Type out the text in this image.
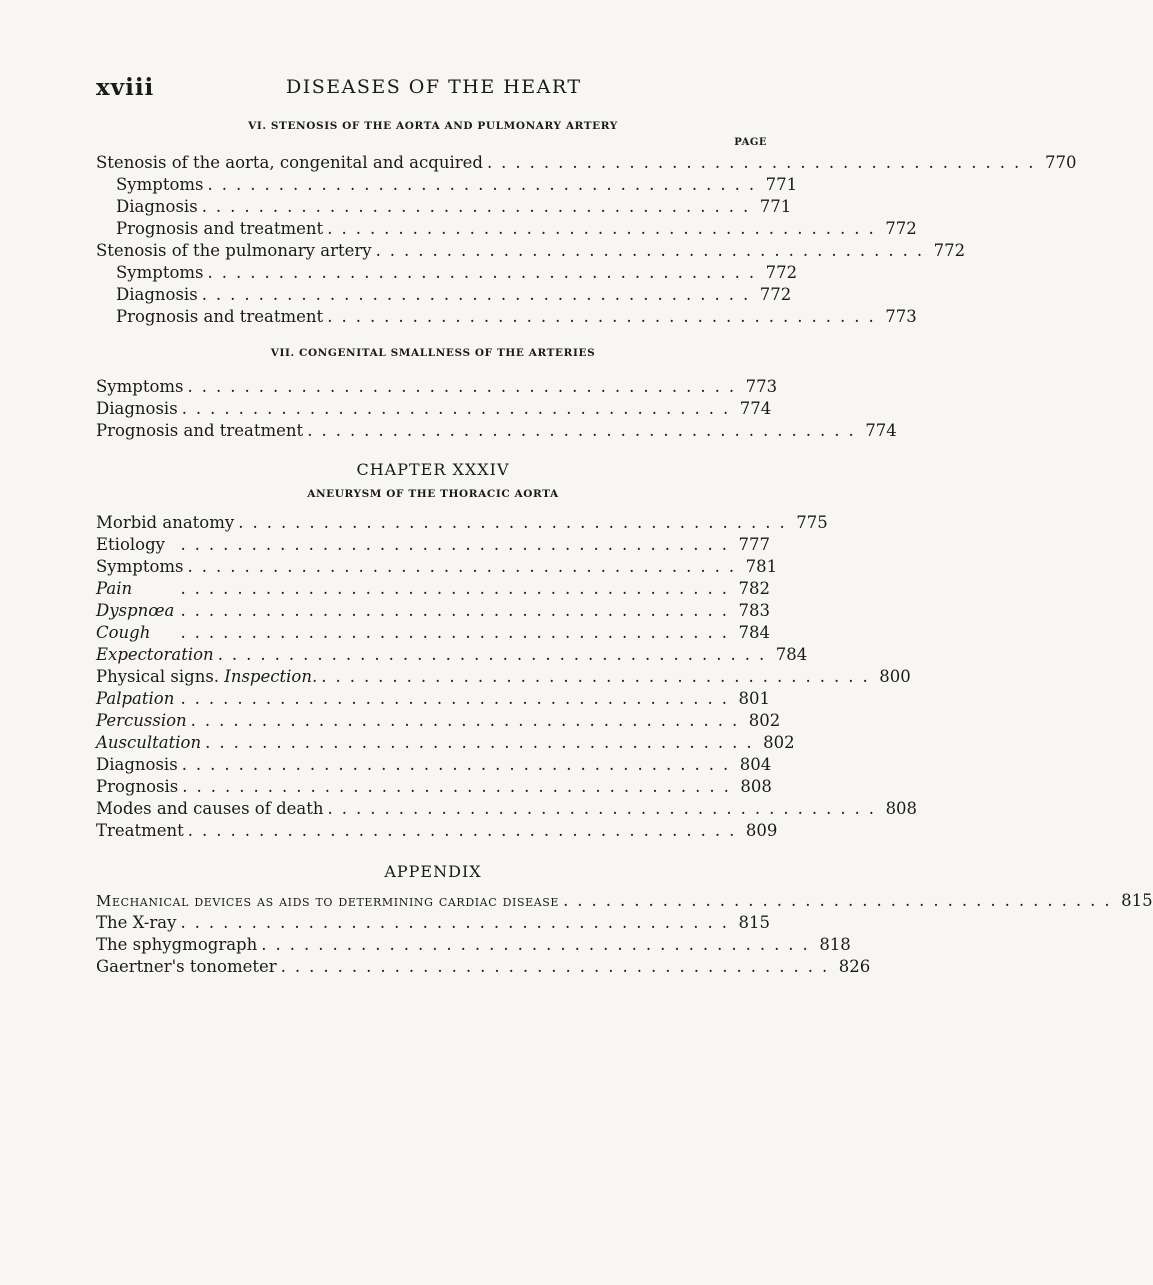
xviii	DISEASES OF THE HEART
PAGE
VI. STENOSIS OF THE AORTA AND PULMONARY ARTERY
Stenosis of the aorta, congenital and acquired ....................................... 770
Symptoms ....................................... 771
Diagnosis ....................................... 771
Prognosis and treatment ....................................... 772
Stenosis of the pulmonary artery ....................................... 772
Symptoms ....................................... 772
Diagnosis ....................................... 772
Prognosis and treatment ....................................... 773
VII. CONGENITAL SMALLNESS OF THE ARTERIES
Symptoms ....................................... 773
Diagnosis ....................................... 774
Prognosis and treatment ....................................... 774
CHAPTER XXXIV
ANEURYSM OF THE THORACIC AORTA
Morbid anatomy ....................................... 775
Etiology ....................................... 777
Symptoms ....................................... 781
Pain	....................................... 782
Dyspnœa ....................................... 783
Cough	....................................... 784
Expectoration ....................................... 784
Physical signs. Inspection. ....................................... 800
Palpation ....................................... 801
Percussion ....................................... 802
Auscultation ....................................... 802
Diagnosis ....................................... 804
Prognosis ....................................... 808
Modes and causes of death ....................................... 808
Treatment ....................................... 809
APPENDIX
Mechanical devices as aids to determining cardiac disease ....................................... 815
The X-ray ....................................... 815
The sphygmograph ....................................... 818
Gaertner's tonometer ....................................... 826
